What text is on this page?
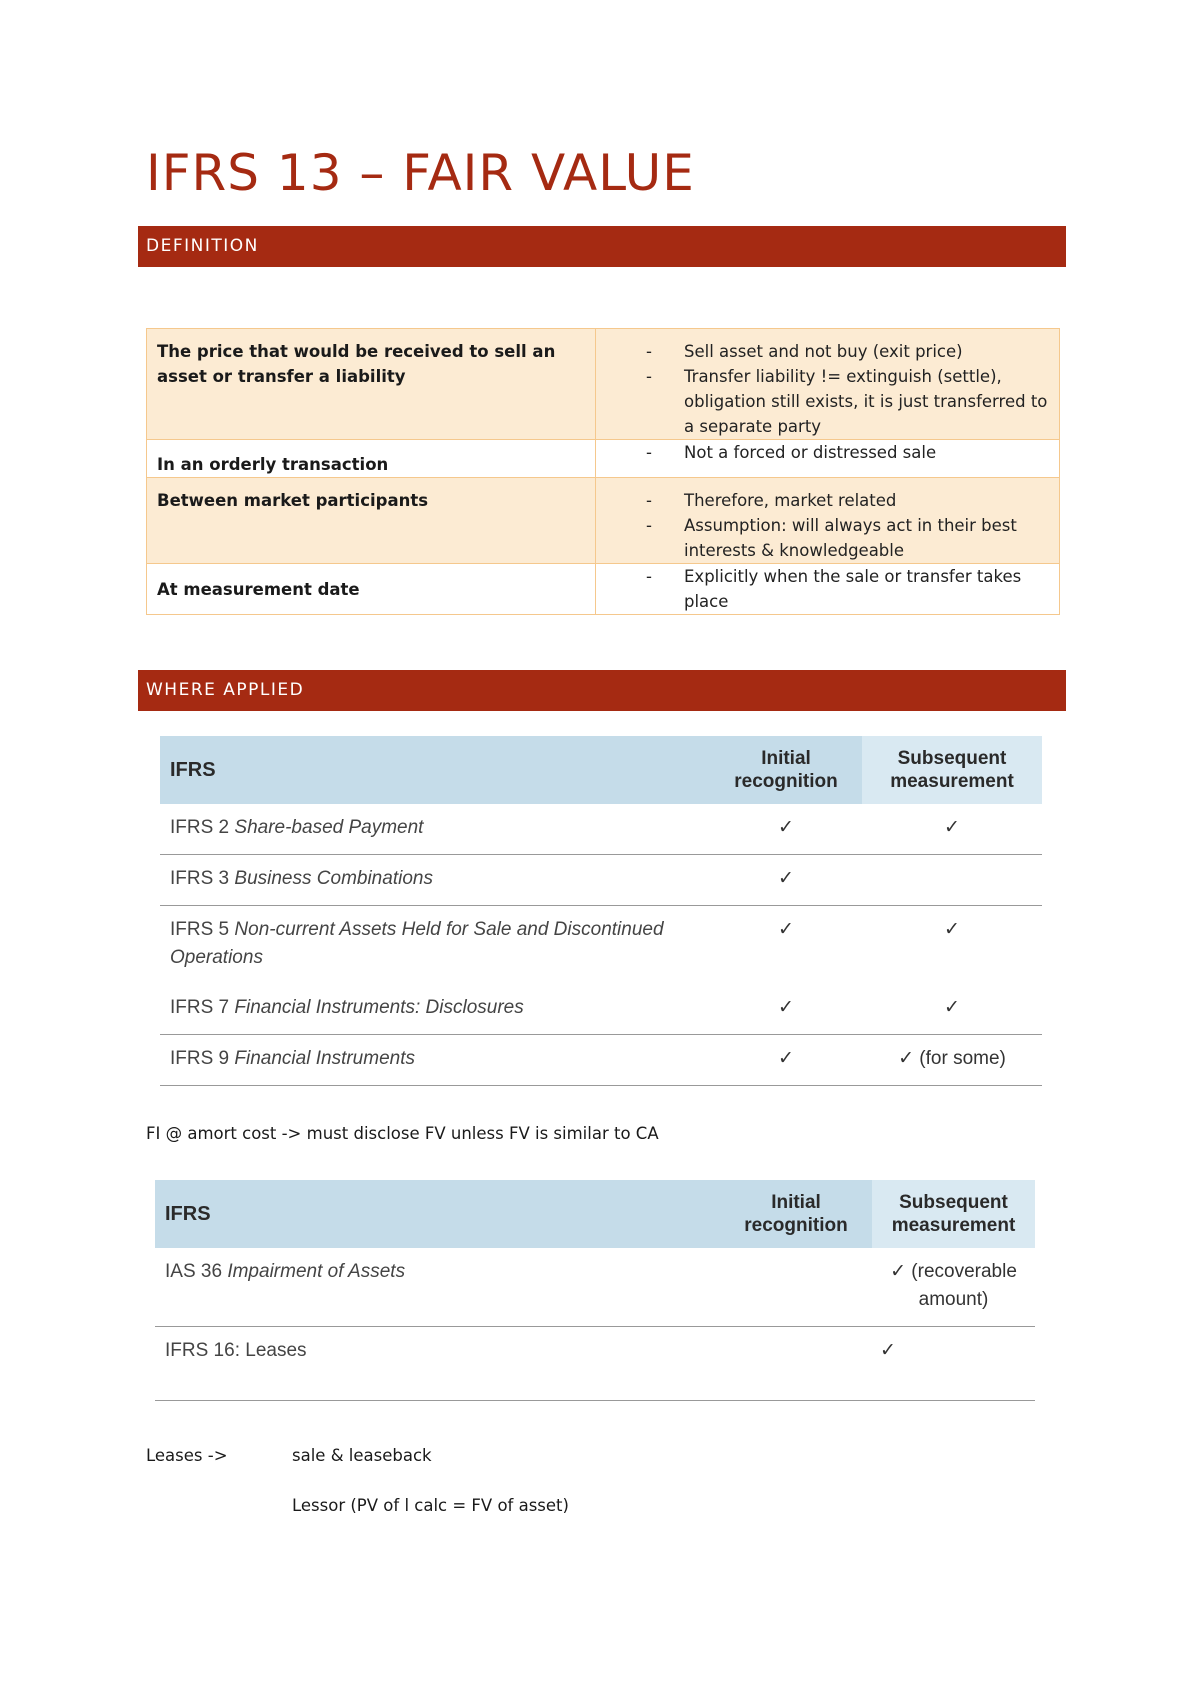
IFRS 13 – FAIR VALUE
DEFINITION
The price that would be received to sell an asset or transfer a liability	- Sell asset and not buy (exit price)
- Transfer liability != extinguish (settle), obligation still exists, it is just transferred to a separate party

In an orderly transaction	- Not a forced or distressed sale

Between market participants	- Therefore, market related
- Assumption: will always act in their best interests & knowledgeable

At measurement date	- Explicitly when the sale or transfer takes place
WHERE APPLIED
IFRS	Initial recognition	Subsequent measurement

IFRS 2 Share-based Payment	✓	✓
IFRS 3 Business Combinations	✓	
IFRS 5 Non-current Assets Held for Sale and Discontinued Operations	✓	✓
IFRS 7 Financial Instruments: Disclosures	✓	✓
IFRS 9 Financial Instruments	✓	✓ (for some)
FI @ amort cost -> must disclose FV unless FV is similar to CA
IFRS	Initial recognition	Subsequent measurement

IAS 36 Impairment of Assets		✓ (recoverable amount)

IFRS 16: Leases		✓
Leases ->	sale & leaseback
Lessor (PV of l calc = FV of asset)
